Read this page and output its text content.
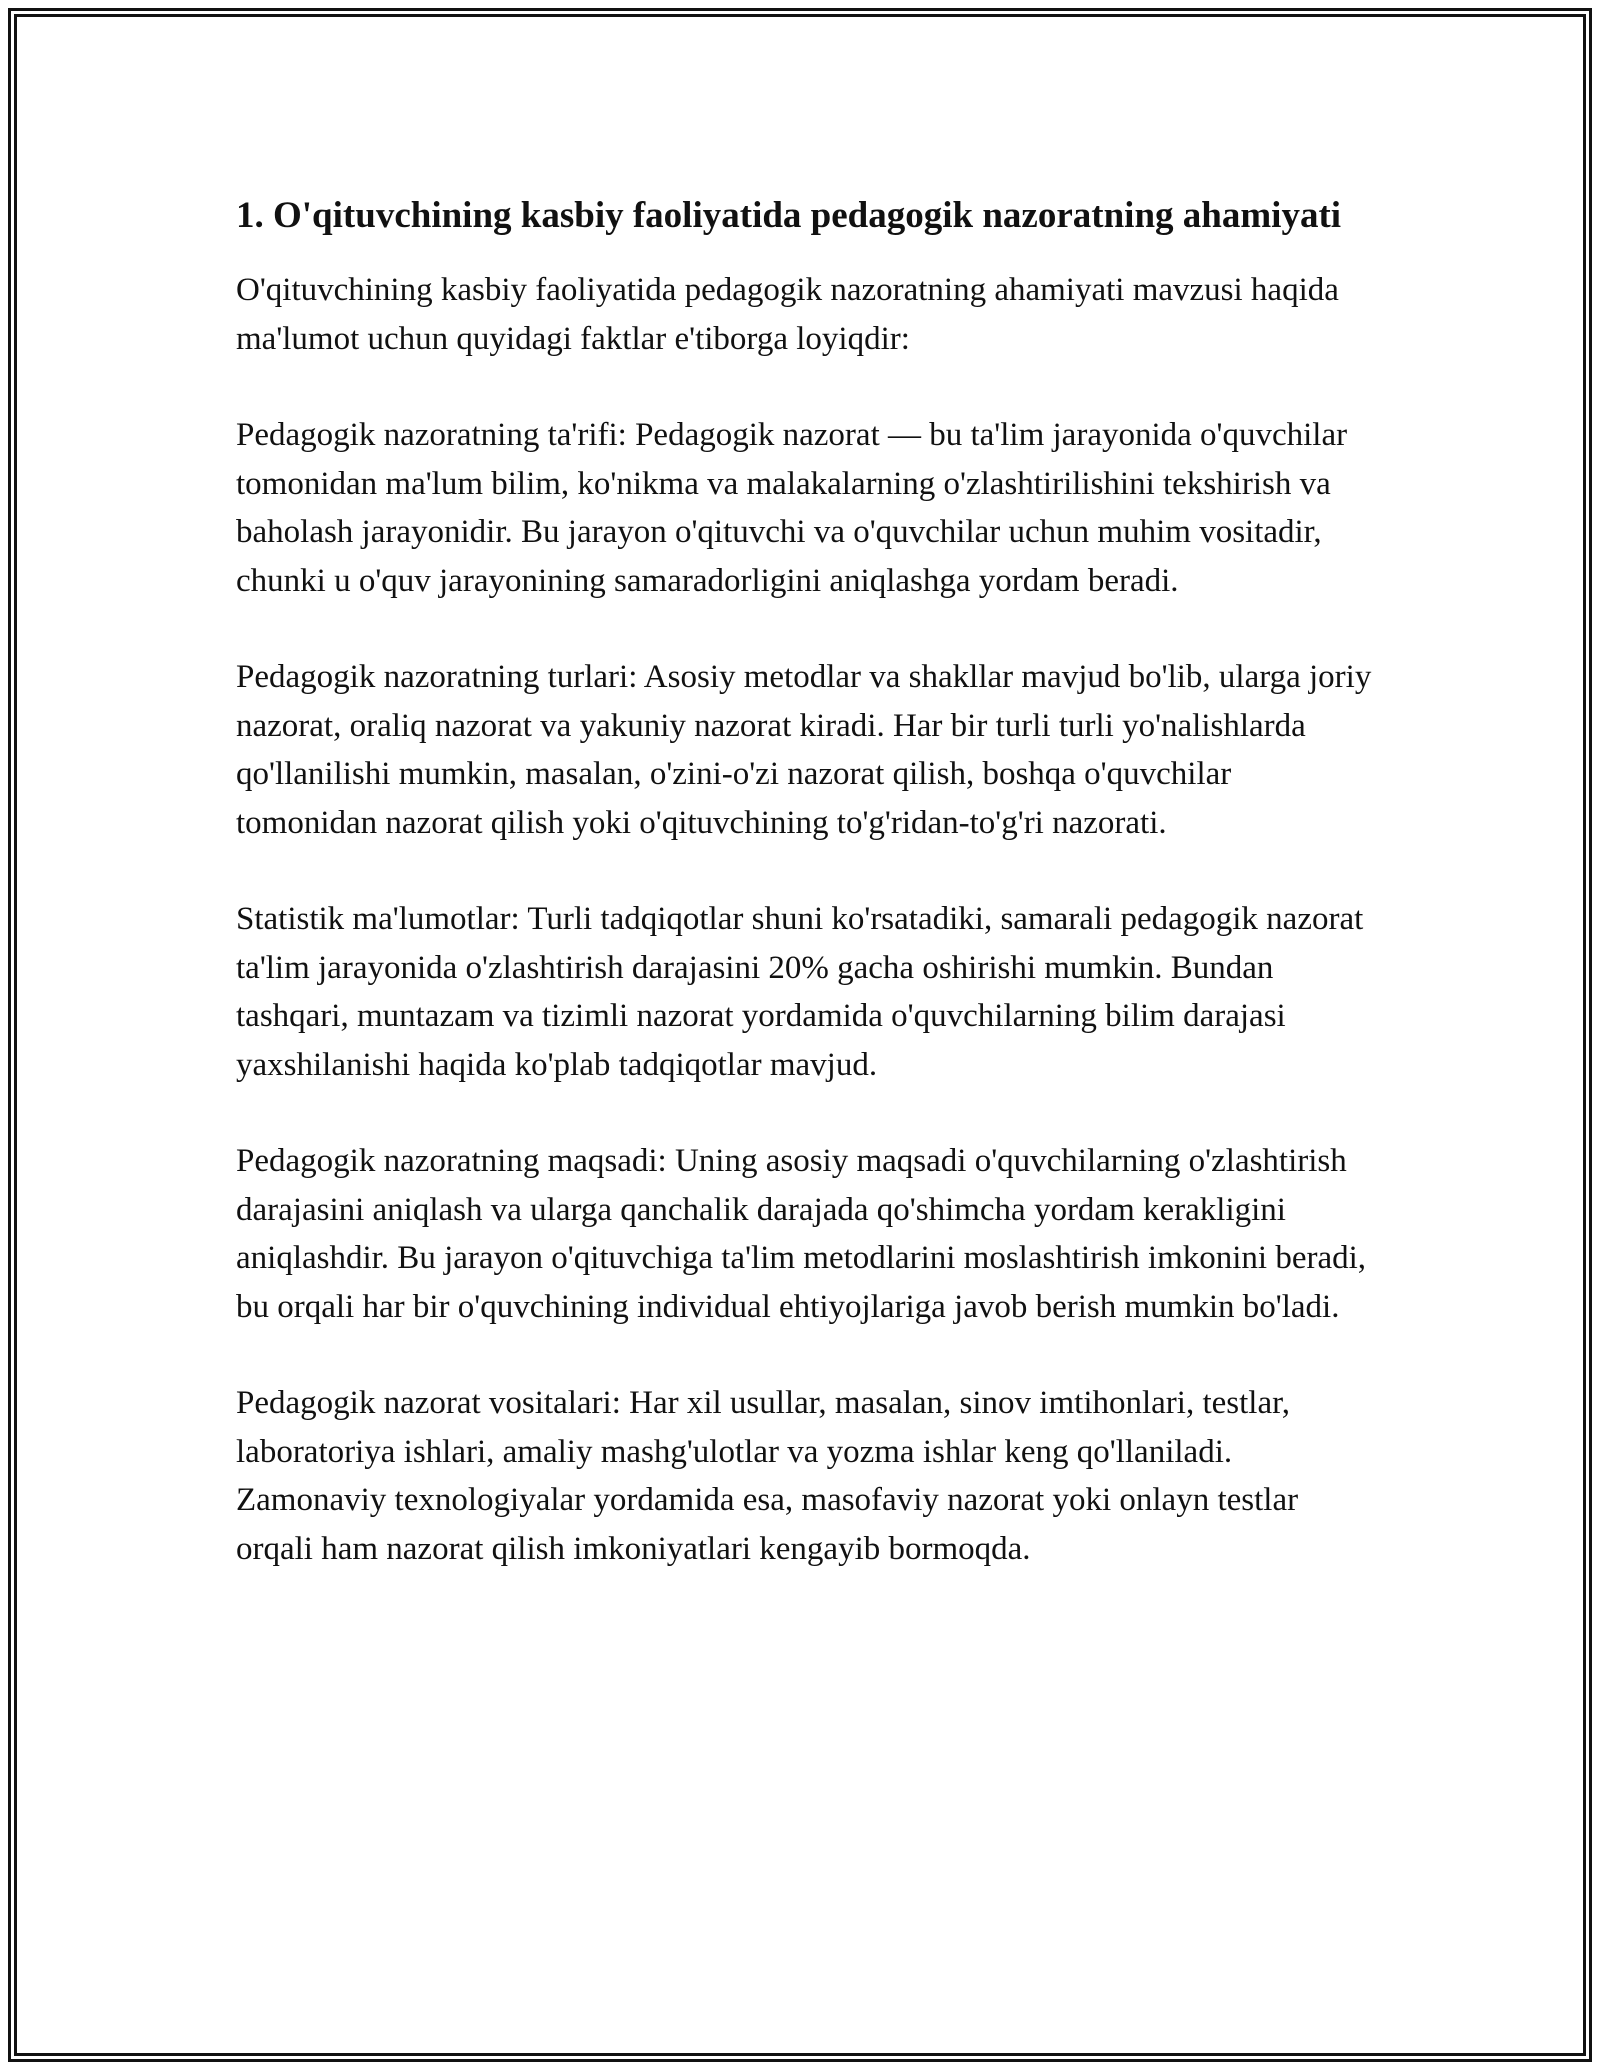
1. O'qituvchining kasbiy faoliyatida pedagogik nazoratning ahamiyati

O'qituvchining kasbiy faoliyatida pedagogik nazoratning ahamiyati mavzusi haqida ma'lumot uchun quyidagi faktlar e'tiborga loyiqdir:

Pedagogik nazoratning ta'rifi: Pedagogik nazorat — bu ta'lim jarayonida o'quvchilar tomonidan ma'lum bilim, ko'nikma va malakalarning o'zlashtirilishini tekshirish va baholash jarayonidir. Bu jarayon o'qituvchi va o'quvchilar uchun muhim vositadir, chunki u o'quv jarayonining samaradorligini aniqlashga yordam beradi.

Pedagogik nazoratning turlari: Asosiy metodlar va shakllar mavjud bo'lib, ularga joriy nazorat, oraliq nazorat va yakuniy nazorat kiradi. Har bir turli turli yo'nalishlarda qo'llanilishi mumkin, masalan, o'zini-o'zi nazorat qilish, boshqa o'quvchilar tomonidan nazorat qilish yoki o'qituvchining to'g'ridan-to'g'ri nazorati.

Statistik ma'lumotlar: Turli tadqiqotlar shuni ko'rsatadiki, samarali pedagogik nazorat ta'lim jarayonida o'zlashtirish darajasini 20% gacha oshirishi mumkin. Bundan tashqari, muntazam va tizimli nazorat yordamida o'quvchilarning bilim darajasi yaxshilanishi haqida ko'plab tadqiqotlar mavjud.

Pedagogik nazoratning maqsadi: Uning asosiy maqsadi o'quvchilarning o'zlashtirish darajasini aniqlash va ularga qanchalik darajada qo'shimcha yordam kerakligini aniqlashdir. Bu jarayon o'qituvchiga ta'lim metodlarini moslashtirish imkonini beradi, bu orqali har bir o'quvchining individual ehtiyojlariga javob berish mumkin bo'ladi.

Pedagogik nazorat vositalari: Har xil usullar, masalan, sinov imtihonlari, testlar, laboratoriya ishlari, amaliy mashg'ulotlar va yozma ishlar keng qo'llaniladi. Zamonaviy texnologiyalar yordamida esa, masofaviy nazorat yoki onlayn testlar orqali ham nazorat qilish imkoniyatlari kengayib bormoqda.
